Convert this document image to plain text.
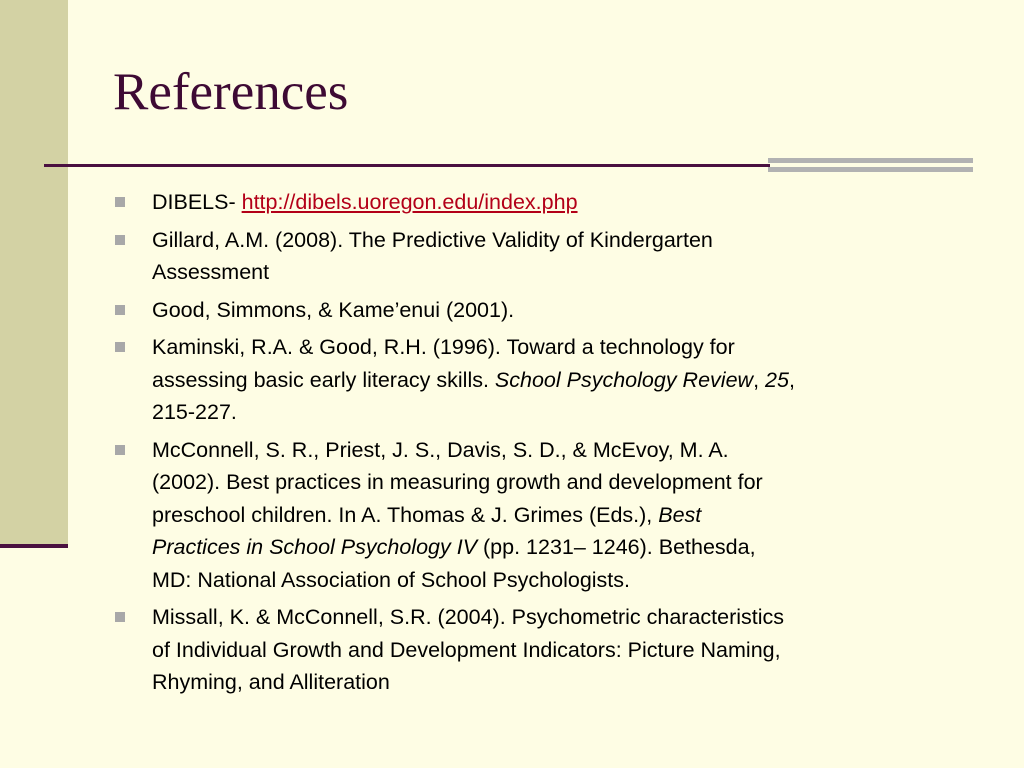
References
DIBELS- http://dibels.uoregon.edu/index.php
Gillard, A.M. (2008). The Predictive Validity of Kindergarten
Assessment
Good, Simmons, & Kame’enui (2001).
Kaminski, R.A. & Good, R.H. (1996). Toward a technology for
assessing basic early literacy skills. School Psychology Review, 25,
215-227.
McConnell, S. R., Priest, J. S., Davis, S. D., & McEvoy, M. A.
(2002). Best practices in measuring growth and development for
preschool children. In A. Thomas & J. Grimes (Eds.), Best
Practices in School Psychology IV (pp. 1231– 1246). Bethesda,
MD: National Association of School Psychologists.
Missall, K. & McConnell, S.R. (2004). Psychometric characteristics
of Individual Growth and Development Indicators: Picture Naming,
Rhyming, and Alliteration
